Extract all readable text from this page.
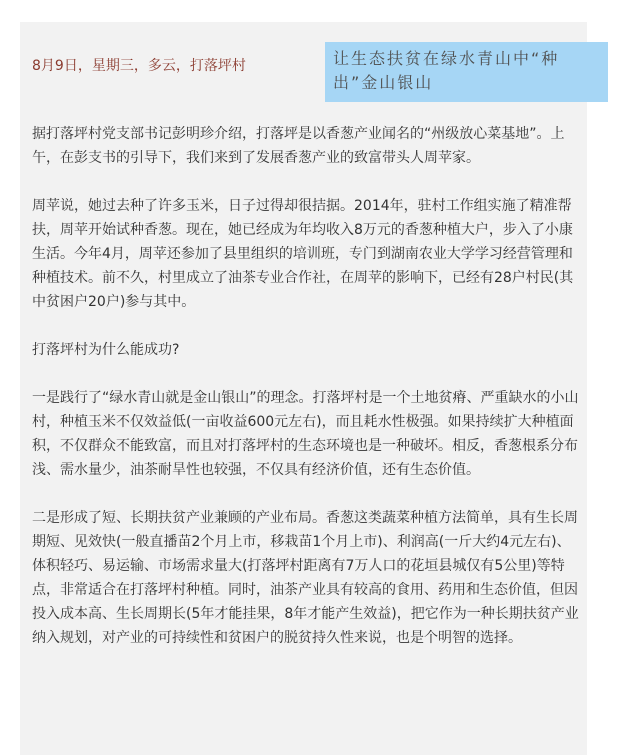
8月9日，星期三，多云，打落坪村	让生态扶贫在绿水青山中“种出”金山银山

据打落坪村党支部书记彭明珍介绍，打落坪是以香葱产业闻名的“州级放心菜基地”。上午，在彭支书的引导下，我们来到了发展香葱产业的致富带头人周苹家。

周苹说，她过去种了许多玉米，日子过得却很拮据。2014年，驻村工作组实施了精准帮扶，周苹开始试种香葱。现在，她已经成为年均收入8万元的香葱种植大户，步入了小康生活。今年4月，周苹还参加了县里组织的培训班，专门到湖南农业大学学习经营管理和种植技术。前不久，村里成立了油茶专业合作社，在周苹的影响下，已经有28户村民(其中贫困户20户)参与其中。

打落坪村为什么能成功?

一是践行了“绿水青山就是金山银山”的理念。打落坪村是一个土地贫瘠、严重缺水的小山村，种植玉米不仅效益低(一亩收益600元左右)，而且耗水性极强。如果持续扩大种植面积，不仅群众不能致富，而且对打落坪村的生态环境也是一种破坏。相反，香葱根系分布浅、需水量少，油茶耐旱性也较强，不仅具有经济价值，还有生态价值。

二是形成了短、长期扶贫产业兼顾的产业布局。香葱这类蔬菜种植方法简单，具有生长周期短、见效快(一般直播苗2个月上市，移栽苗1个月上市)、利润高(一斤大约4元左右)、体积轻巧、易运输、市场需求量大(打落坪村距离有7万人口的花垣县城仅有5公里)等特点，非常适合在打落坪村种植。同时，油茶产业具有较高的食用、药用和生态价值，但因投入成本高、生长周期长(5年才能挂果，8年才能产生效益)，把它作为一种长期扶贫产业纳入规划，对产业的可持续性和贫困户的脱贫持久性来说，也是个明智的选择。
